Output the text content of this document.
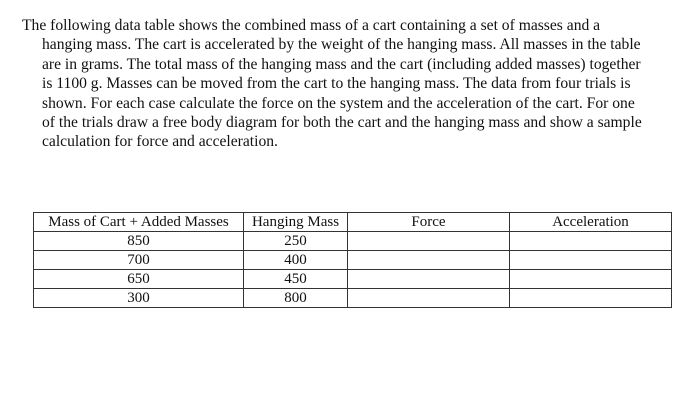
The following data table shows the combined mass of a cart containing a set of masses and a
hanging mass. The cart is accelerated by the weight of the hanging mass. All masses in the table
are in grams. The total mass of the hanging mass and the cart (including added masses) together
is 1100 g. Masses can be moved from the cart to the hanging mass. The data from four trials is
shown. For each case calculate the force on the system and the acceleration of the cart. For one
of the trials draw a free body diagram for both the cart and the hanging mass and show a sample
calculation for force and acceleration.
Mass of Cart + Added Masses	Hanging Mass	Force	Acceleration
850	250		
700	400		
650	450		
300	800		
